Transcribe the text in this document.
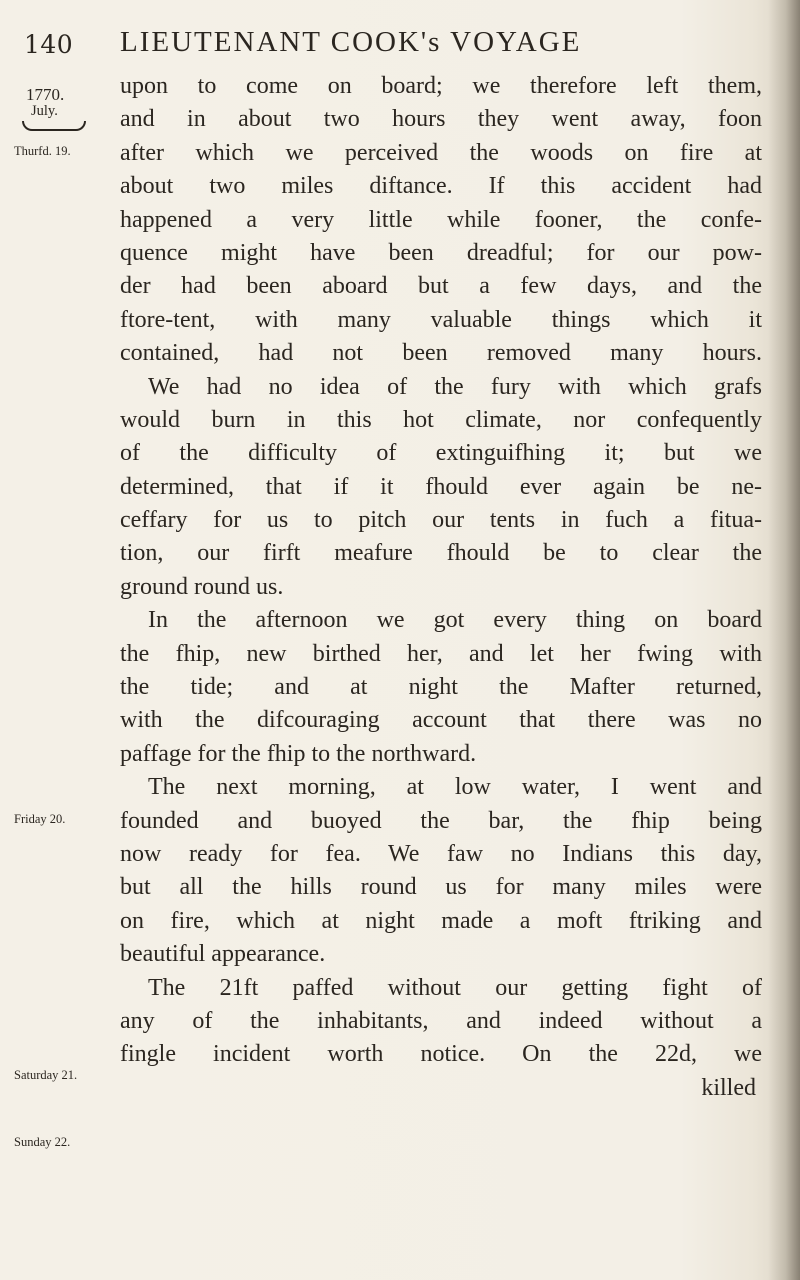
140 LIEUTENANT COOK's VOYAGE
1770.
July.
Thurfd. 19.
Friday 20.
Saturday 21.
Sunday 22.
upon to come on board; we therefore left them,
and in about two hours they went away, foon
after which we perceived the woods on fire at
about two miles diftance. If this accident had
happened a very little while fooner, the confe-
quence might have been dreadful; for our pow-
der had been aboard but a few days, and the
ftore-tent, with many valuable things which it
contained, had not been removed many hours.
We had no idea of the fury with which grafs
would burn in this hot climate, nor confequently
of the difficulty of extinguifhing it; but we
determined, that if it fhould ever again be ne-
ceffary for us to pitch our tents in fuch a fitua-
tion, our firft meafure fhould be to clear the
ground round us.
In the afternoon we got every thing on board
the fhip, new birthed her, and let her fwing with
the tide; and at night the Mafter returned,
with the difcouraging account that there was no
paffage for the fhip to the northward.
The next morning, at low water, I went and
founded and buoyed the bar, the fhip being
now ready for fea. We faw no Indians this day,
but all the hills round us for many miles were
on fire, which at night made a moft ftriking and
beautiful appearance.
The 21ft paffed without our getting fight of
any of the inhabitants, and indeed without a
fingle incident worth notice. On the 22d, we
killed
